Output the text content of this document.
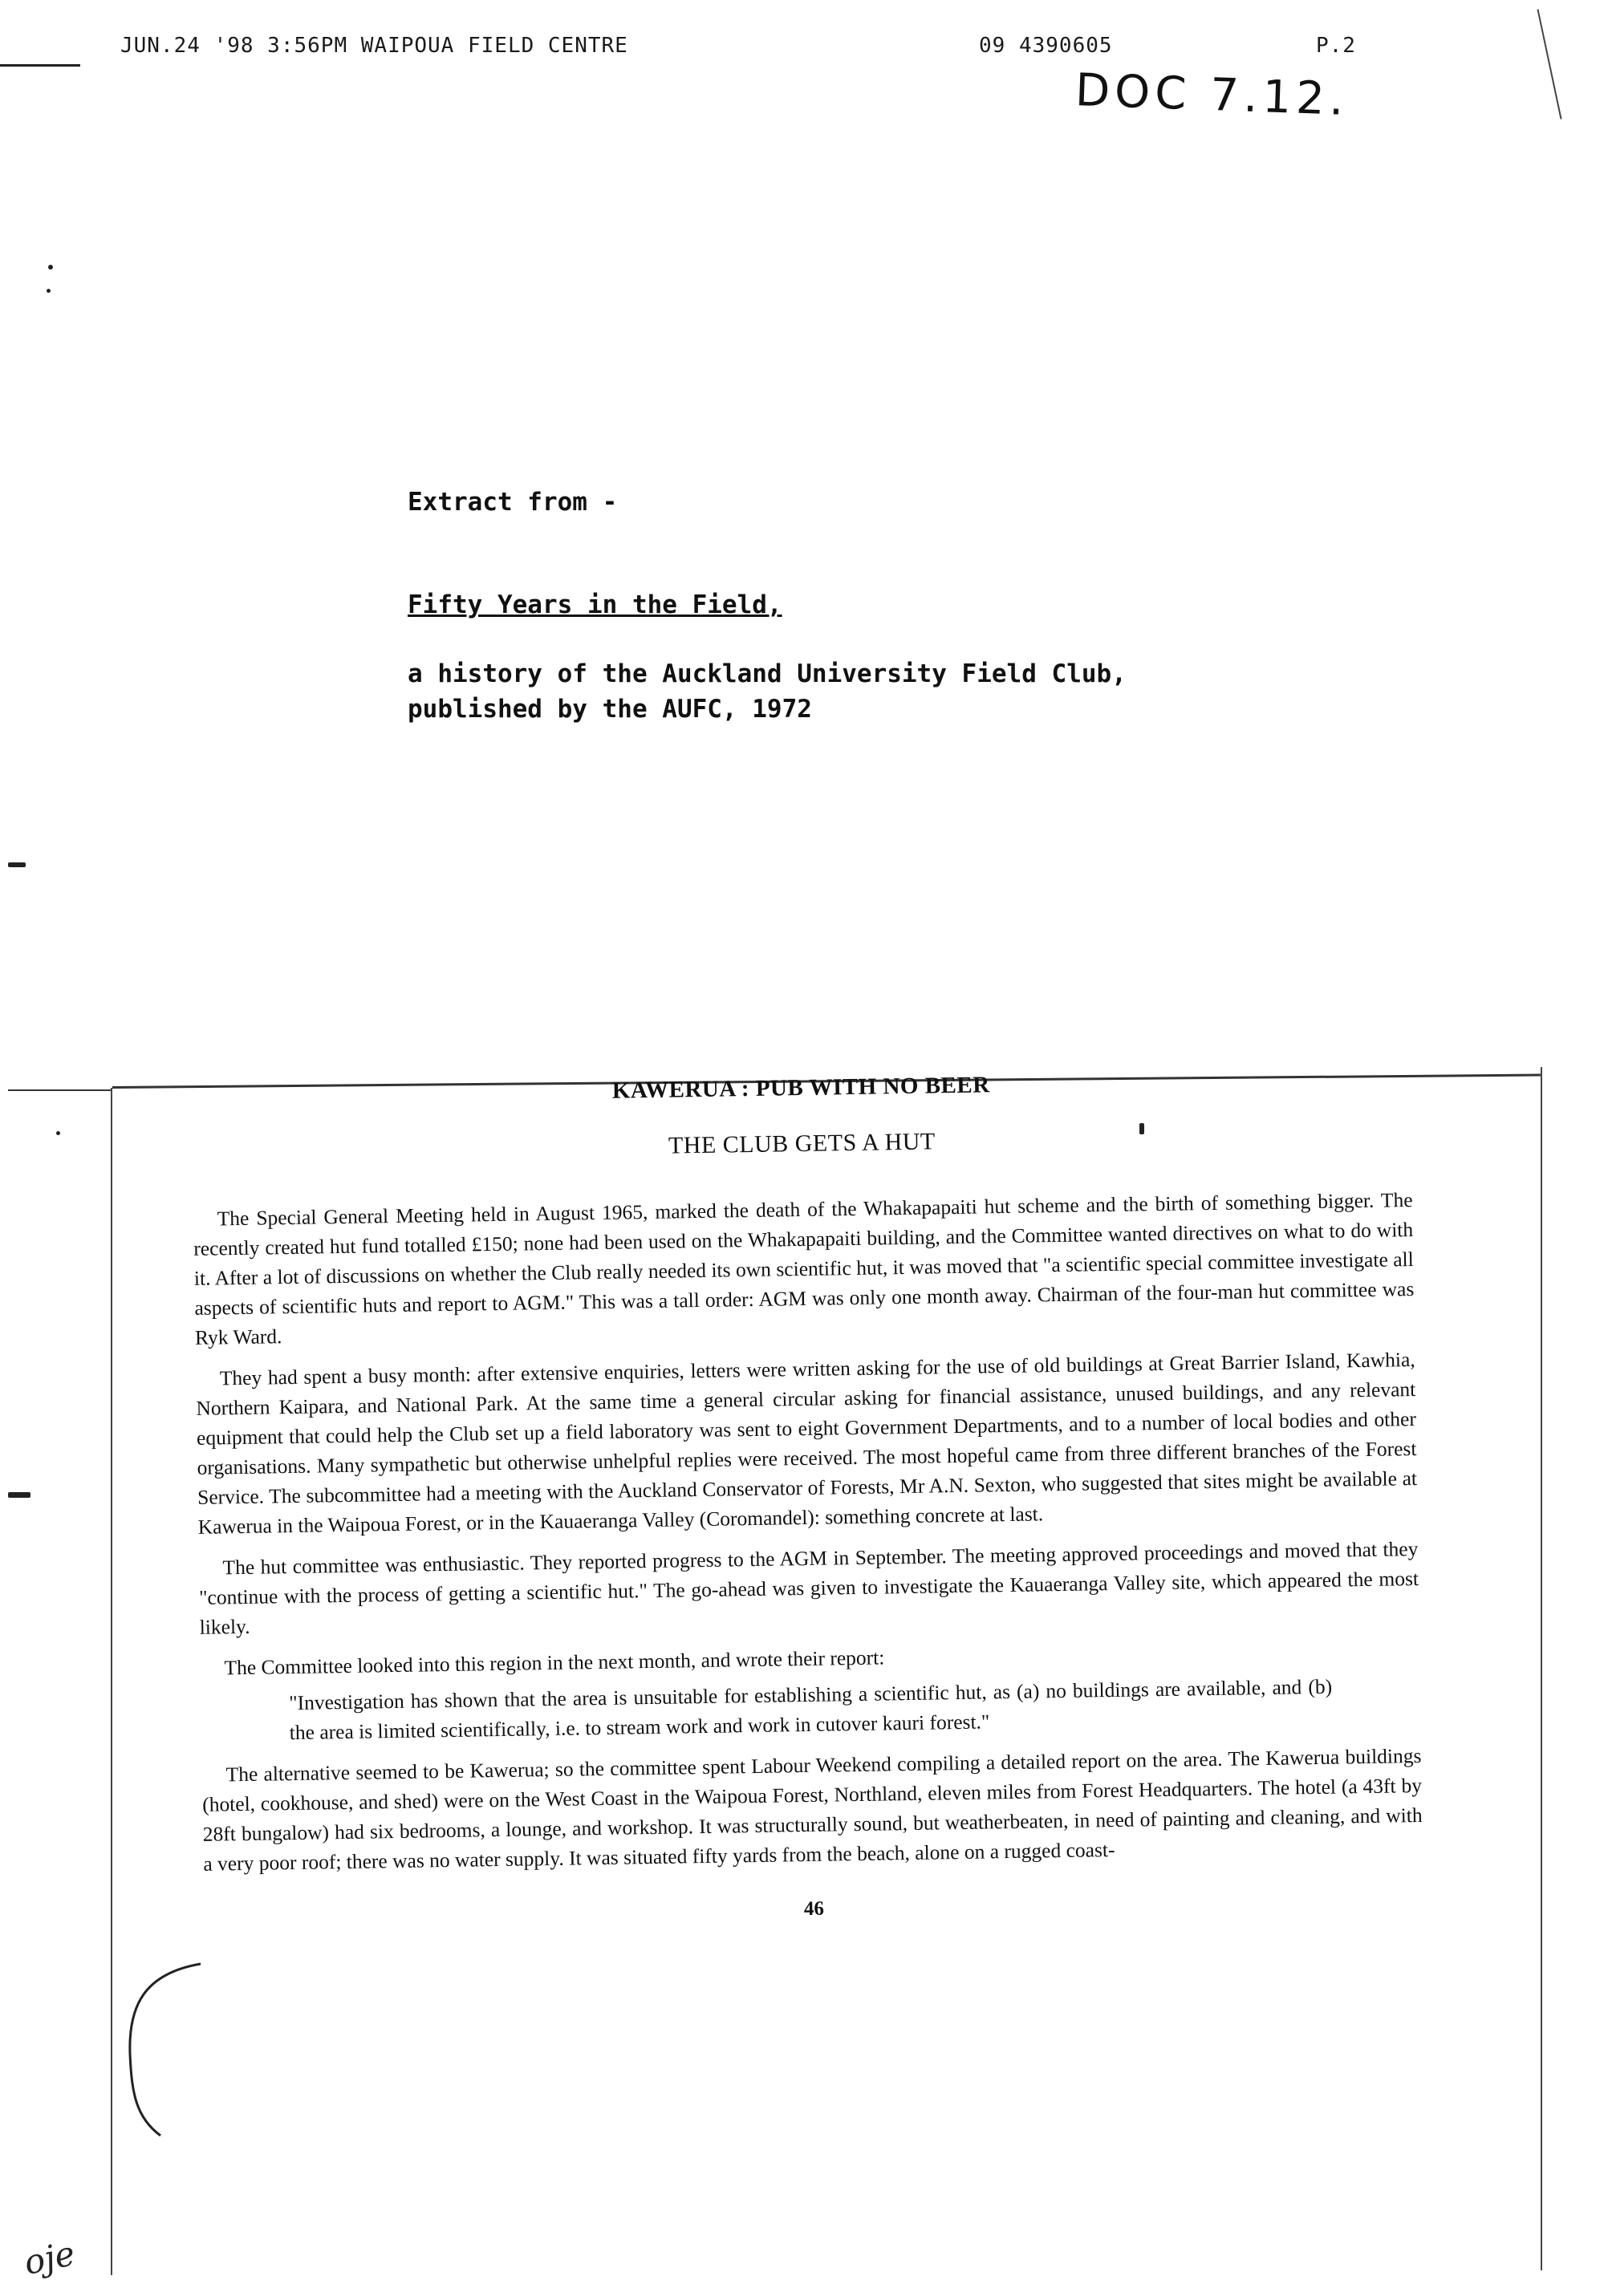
JUN.24 '98 3:56PM WAIPOUA FIELD CENTRE	09 4390605	P.2
DOC 7.12.
Extract from -
Fifty Years in the Field,
a history of the Auckland University Field Club,
published by the AUFC, 1972
KAWERUA : PUB WITH NO BEER
THE CLUB GETS A HUT

The Special General Meeting held in August 1965, marked the death of the Whakapapaiti hut scheme and the birth of something bigger. The recently created hut fund totalled £150; none had been used on the Whakapapaiti building, and the Committee wanted directives on what to do with it. After a lot of discussions on whether the Club really needed its own scientific hut, it was moved that "a scientific special committee investigate all aspects of scientific huts and report to AGM." This was a tall order: AGM was only one month away. Chairman of the four-man hut committee was Ryk Ward.

They had spent a busy month: after extensive enquiries, letters were written asking for the use of old buildings at Great Barrier Island, Kawhia, Northern Kaipara, and National Park. At the same time a general circular asking for financial assistance, unused buildings, and any relevant equipment that could help the Club set up a field laboratory was sent to eight Government Departments, and to a number of local bodies and other organisations. Many sympathetic but otherwise unhelpful replies were received. The most hopeful came from three different branches of the Forest Service. The subcommittee had a meeting with the Auckland Conservator of Forests, Mr A.N. Sexton, who suggested that sites might be available at Kawerua in the Waipoua Forest, or in the Kauaeranga Valley (Coromandel): something concrete at last.

The hut committee was enthusiastic. They reported progress to the AGM in September. The meeting approved proceedings and moved that they "continue with the process of getting a scientific hut." The go-ahead was given to investigate the Kauaeranga Valley site, which appeared the most likely.

The Committee looked into this region in the next month, and wrote their report:

"Investigation has shown that the area is unsuitable for establishing a scientific hut, as (a) no buildings are available, and (b) the area is limited scientifically, i.e. to stream work and work in cutover kauri forest."

The alternative seemed to be Kawerua; so the committee spent Labour Weekend compiling a detailed report on the area. The Kawerua buildings (hotel, cookhouse, and shed) were on the West Coast in the Waipoua Forest, Northland, eleven miles from Forest Headquarters. The hotel (a 43ft by 28ft bungalow) had six bedrooms, a lounge, and workshop. It was structurally sound, but weatherbeaten, in need of painting and cleaning, and with a very poor roof; there was no water supply. It was situated fifty yards from the beach, alone on a rugged coast-

46
oje
